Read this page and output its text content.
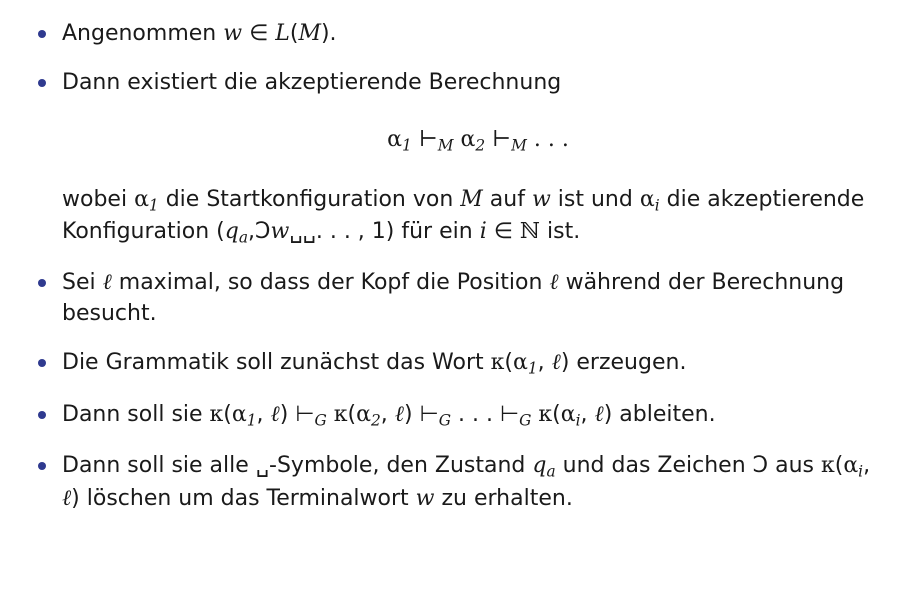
Angenommen w ∈ L(M).
Dann existiert die akzeptierende Berechnung
$\alpha_1$ $⊢_M$ $\alpha_2$ $⊢_M$ . . .
wobei $\alpha_1$ die Startkonfiguration von M auf w ist und $\alpha_i$ die akzeptierende Konfiguration ($q_a,Ɔw␣␣$. . . , 1) für ein i ∈ ℕ ist.
Sei ℓ maximal, so dass der Kopf die Position ℓ während der Berechnung besucht.
Die Grammatik soll zunächst das Wort $\kappa(\alpha_1$, ℓ) erzeugen.
Dann soll sie $\kappa(\alpha_1$, ℓ) $⊢_G$ $\kappa(\alpha_2$, ℓ) $⊢_G$ . . . $⊢_G$ $\kappa(\alpha_i$, ℓ) ableiten.
Dann soll sie alle ␣-Symbole, den Zustand $q_a$ und das Zeichen Ɔ aus $\kappa(\alpha_i$, ℓ) löschen um das Terminalwort w zu erhalten.
